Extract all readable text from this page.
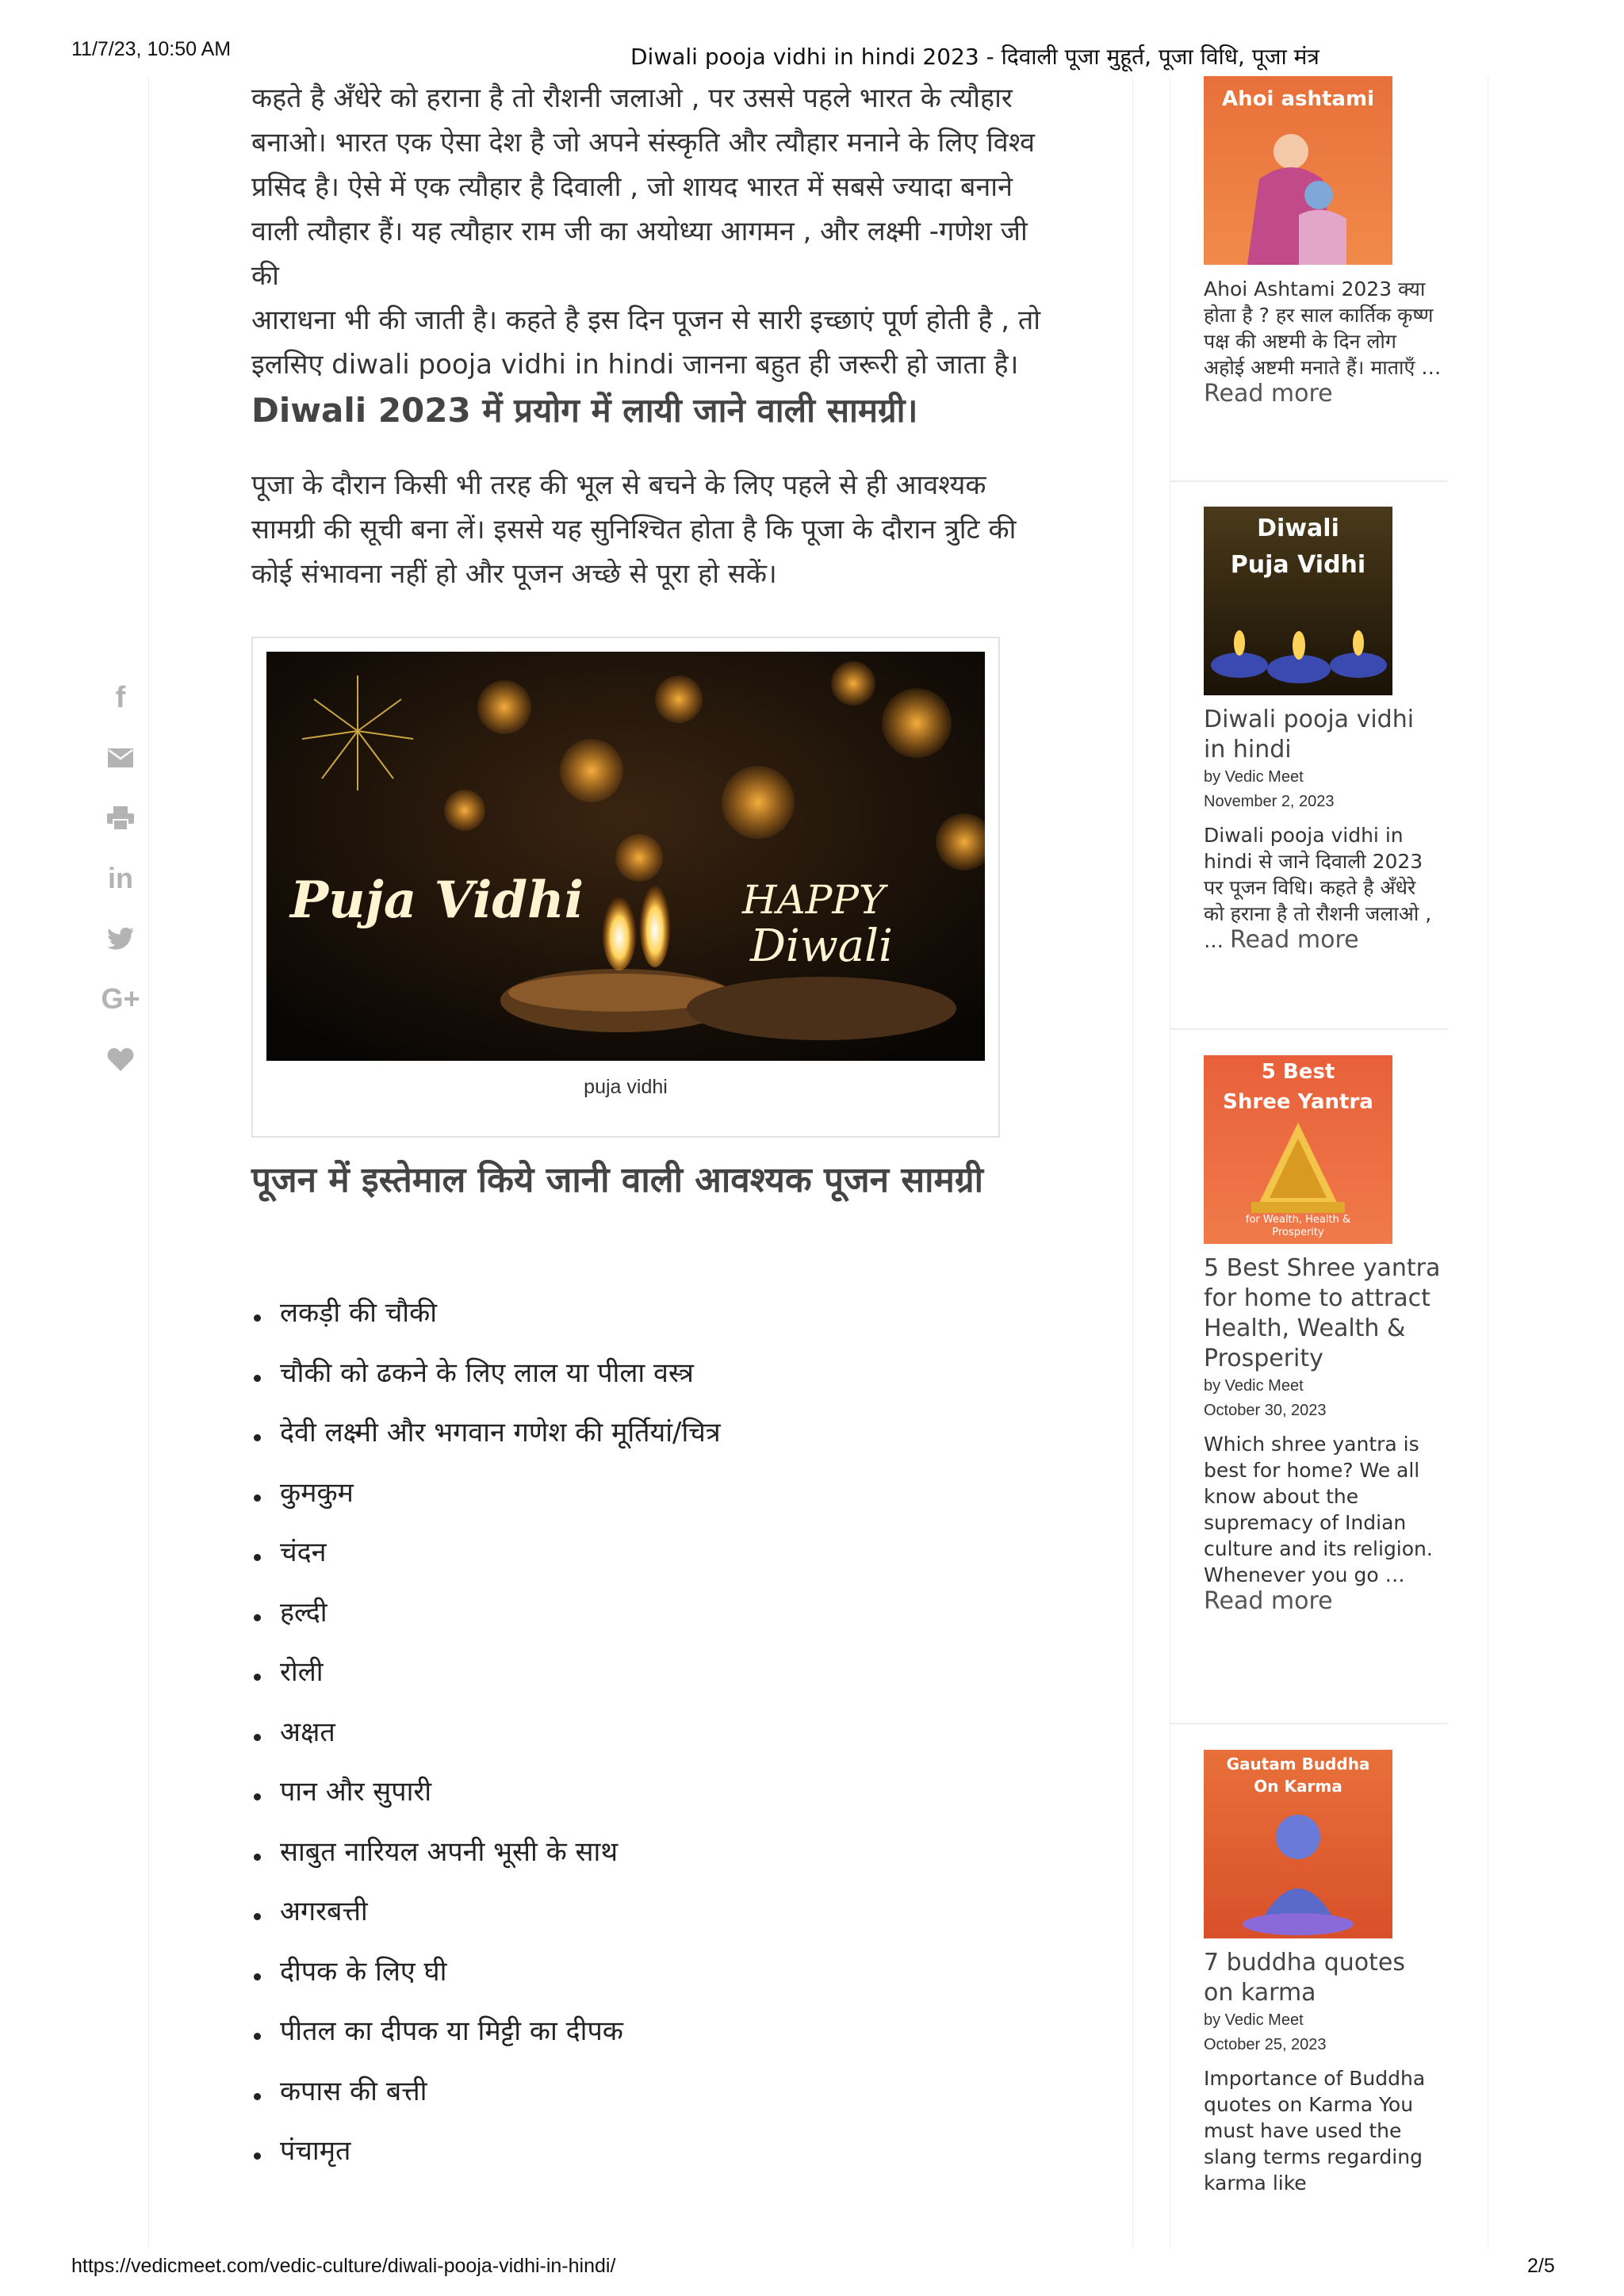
11/7/23, 10:50 AM	Diwali pooja vidhi in hindi 2023 - दिवाली पूजा मुहूर्त, पूजा विधि, पूजा मंत्र

कहते है अँधेरे को हराना है तो रौशनी जलाओ , पर उससे पहले भारत के त्यौहार

बनाओ। भारत एक ऐसा देश है जो अपने संस्कृति और त्यौहार मनाने के लिए विश्व

प्रसिद है। ऐसे में एक त्यौहार है दिवाली , जो शायद भारत में सबसे ज्यादा बनाने

वाली त्यौहार हैं। यह त्यौहार राम जी का अयोध्या आगमन , और लक्ष्मी -गणेश जी की

आराधना भी की जाती है। कहते है इस दिन पूजन से सारी इच्छाएं पूर्ण होती है , तो

इलसिए diwali pooja vidhi in hindi जानना बहुत ही जरूरी हो जाता है।

Diwali 2023 में प्रयोग में लायी जाने वाली सामग्री।

पूजा के दौरान किसी भी तरह की भूल से बचने के लिए पहले से ही आवश्यक सामग्री की सूची बना लें। इससे यह सुनिश्चित होता है कि पूजा के दौरान त्रुटि की कोई संभावना नहीं हो और पूजन अच्छे से पूरा हो सकें।

Puja Vidhi	HAPPY
Diwali
puja vidhi
पूजन में इस्तेमाल किये जानी वाली आवश्यक पूजन सामग्री
लकड़ी की चौकी
चौकी को ढकने के लिए लाल या पीला वस्त्र
देवी लक्ष्मी और भगवान गणेश की मूर्तियां/चित्र
कुमकुम
चंदन
हल्दी
रोली
अक्षत
पान और सुपारी
साबुत नारियल अपनी भूसी के साथ
अगरबत्ती
दीपक के लिए घी
पीतल का दीपक या मिट्टी का दीपक
कपास की बत्ती
पंचामृत
f
in
G+
Ahoi ashtami
Ahoi Ashtami 2023 क्या होता है ? हर साल कार्तिक कृष्ण पक्ष की अष्टमी के दिन लोग अहोई अष्टमी मनाते हैं। माताएँ … Read more
Diwali
Puja Vidhi
Diwali pooja vidhi in hindi
by Vedic Meet
November 2, 2023
Diwali pooja vidhi in hindi से जाने दिवाली 2023 पर पूजन विधि। कहते है अँधेरे को हराना है तो रौशनी जलाओ , … Read more
5 Best
Shree Yantra
for Wealth, Health & Prosperity
5 Best Shree yantra for home to attract Health, Wealth & Prosperity
by Vedic Meet
October 30, 2023
Which shree yantra is best for home? We all know about the supremacy of Indian culture and its religion. Whenever you go … Read more
Gautam Buddha
On Karma
7 buddha quotes on karma
by Vedic Meet
October 25, 2023
Importance of Buddha quotes on Karma You must have used the slang terms regarding karma like
https://vedicmeet.com/vedic-culture/diwali-pooja-vidhi-in-hindi/	2/5
